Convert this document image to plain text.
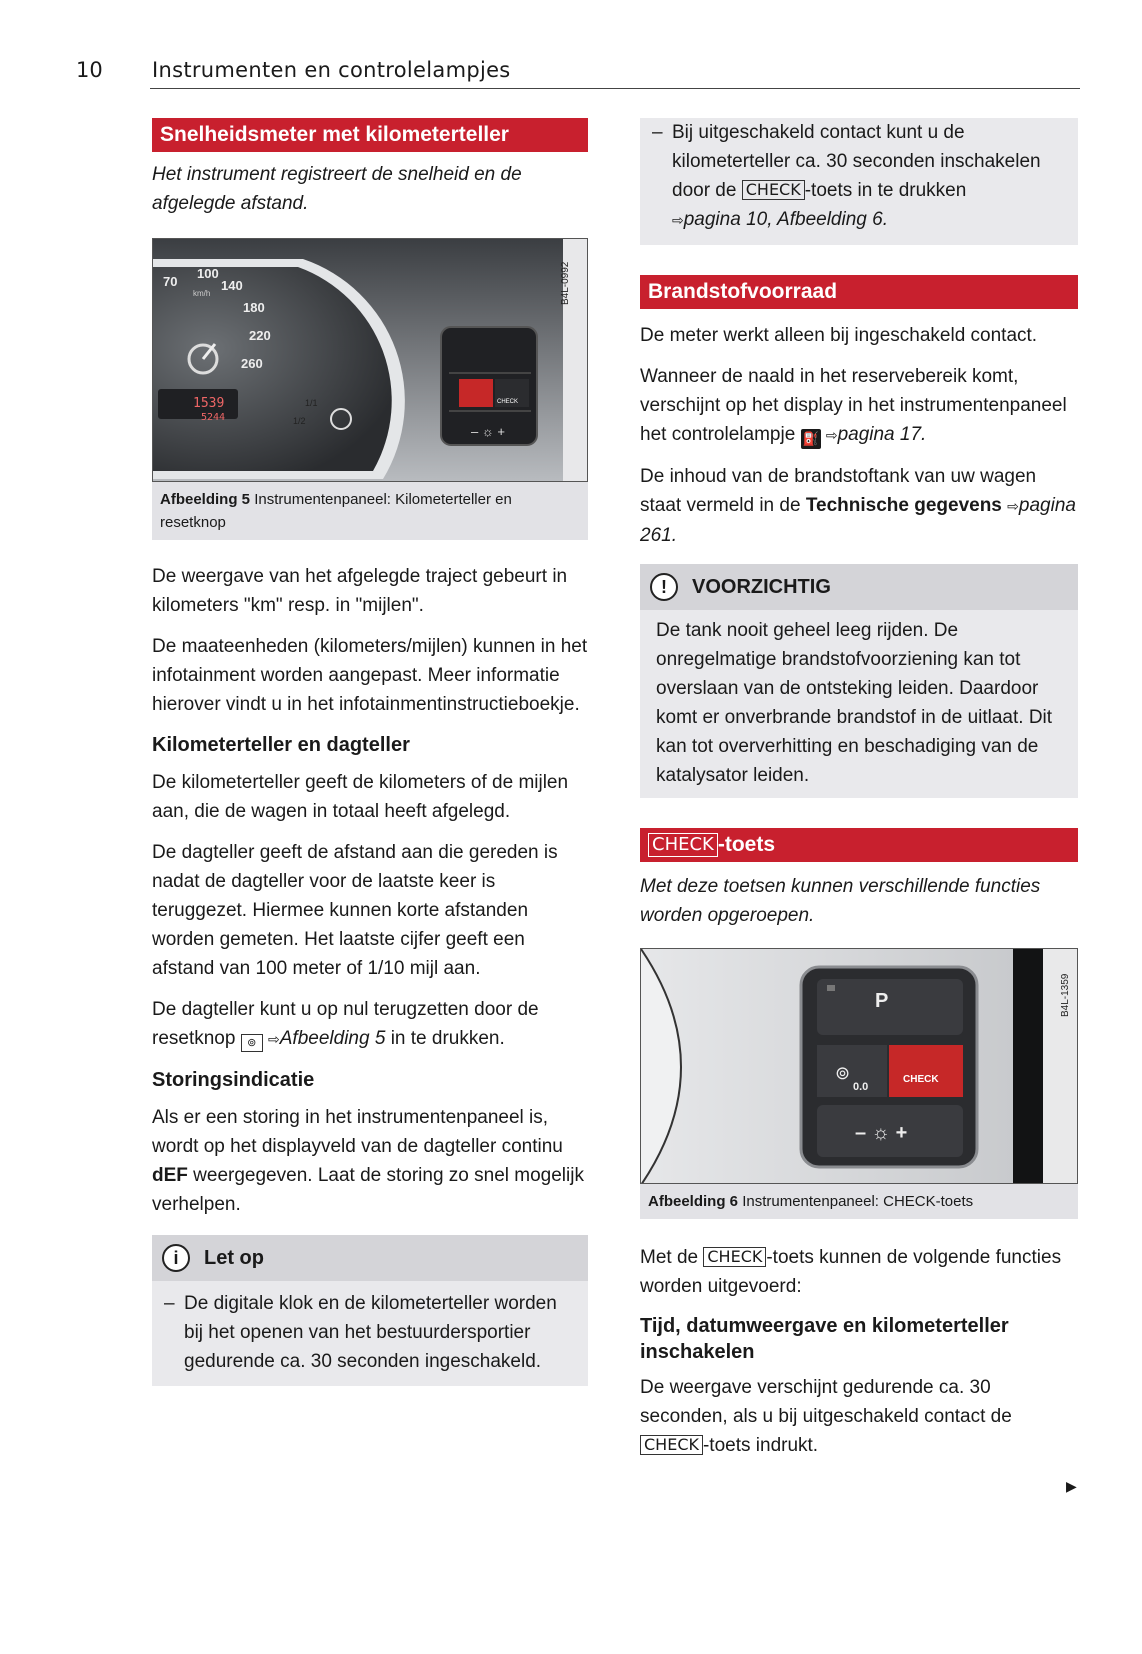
10 Instrumenten en controlelampjes
Snelheidsmeter met kilometerteller

Het instrument registreert de snelheid en de afgelegde afstand.

70
100
140
km/h
180
220
260
1539
5244
1/1
1/2
CHECK
– ☼ +
B4L-0992
Afbeelding 5 Instrumentenpaneel: Kilometerteller en resetknop

De weergave van het afgelegde traject gebeurt in kilometers "km" resp. in "mijlen".

De maateenheden (kilometers/mijlen) kunnen in het infotainment worden aangepast. Meer informatie hierover vindt u in het infotainmentinstructieboekje.

Kilometerteller en dagteller

De kilometerteller geeft de kilometers of de mijlen aan, die de wagen in totaal heeft afgelegd.

De dagteller geeft de afstand aan die gereden is nadat de dagteller voor de laatste keer is teruggezet. Hiermee kunnen korte afstanden worden gemeten. Het laatste cijfer geeft een afstand van 100 meter of 1/10 mijl aan.

De dagteller kunt u op nul terugzetten door de resetknop ⊚ ⇨Afbeelding 5 in te drukken.

Storingsindicatie

Als er een storing in het instrumentenpaneel is, wordt op het displayveld van de dagteller continu dEF weergegeven. Laat de storing zo snel mogelijk verhelpen.

i	Let op
– De digitale klok en de kilometerteller worden bij het openen van het bestuurdersportier gedurende ca. 30 seconden ingeschakeld.
– Bij uitgeschakeld contact kunt u de kilometerteller ca. 30 seconden inschakelen door de CHECK -toets in te drukken
⇨pagina 10, Afbeelding 6.
Brandstofvoorraad

De meter werkt alleen bij ingeschakeld contact.

Wanneer de naald in het reservebereik komt, verschijnt op het display in het instrumentenpaneel het controlelampje ⛽ ⇨pagina 17.

De inhoud van de brandstoftank van uw wagen staat vermeld in de Technische gegevens ⇨pagina 261.

!	VOORZICHTIG
De tank nooit geheel leeg rijden. De onregelmatige brandstofvoorziening kan tot overslaan van de ontsteking leiden. Daardoor komt er onverbrande brandstof in de uitlaat. Dit kan tot oververhitting en beschadiging van de katalysator leiden.
CHECK -toets

Met deze toetsen kunnen verschillende functies worden opgeroepen.

P
⊚
0.0
CHECK
– ☼ +
B4L-1359
Afbeelding 6 Instrumentenpaneel: CHECK-toets

Met de CHECK -toets kunnen de volgende functies worden uitgevoerd:

Tijd, datumweergave en kilometerteller inschakelen

De weergave verschijnt gedurende ca. 30 seconden, als u bij uitgeschakeld contact de CHECK -toets indrukt.

▶
